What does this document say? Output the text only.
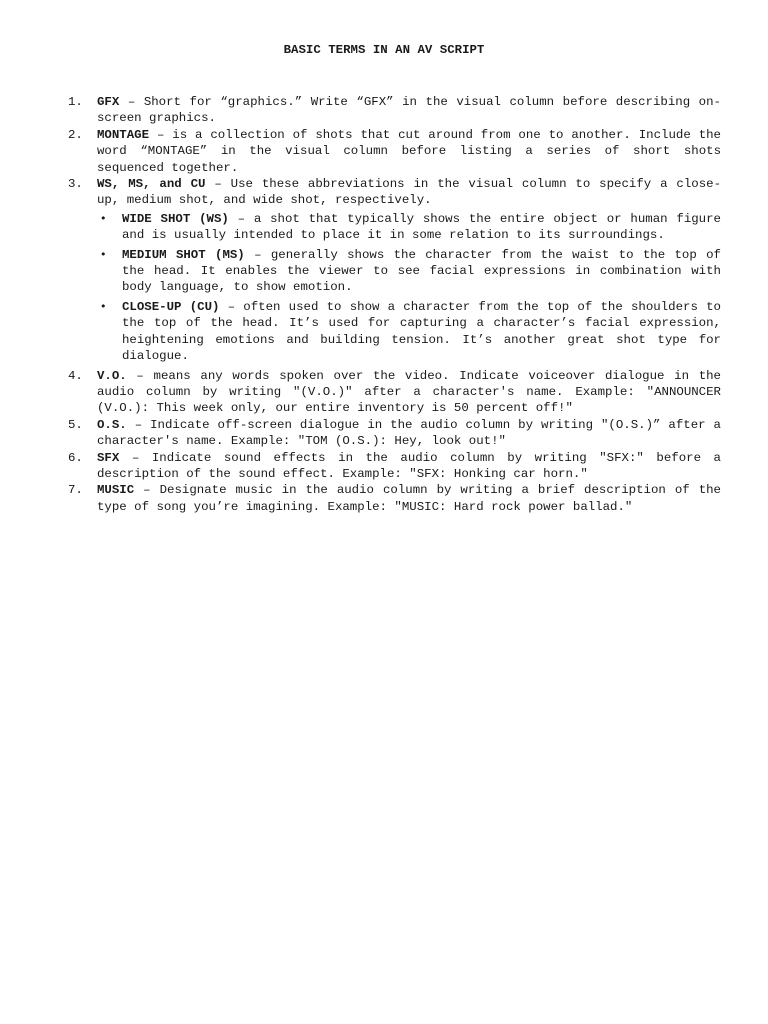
BASIC TERMS IN AN AV SCRIPT
1.	GFX – Short for “graphics.” Write “GFX” in the visual column before describing on-screen graphics.
2.	MONTAGE – is a collection of shots that cut around from one to another. Include the word “MONTAGE” in the visual column before listing a series of short shots sequenced together.
3.	WS, MS, and CU – Use these abbreviations in the visual column to specify a close-up, medium shot, and wide shot, respectively.
• WIDE SHOT (WS) – a shot that typically shows the entire object or human figure and is usually intended to place it in some relation to its surroundings.
• MEDIUM SHOT (MS) – generally shows the character from the waist to the top of the head. It enables the viewer to see facial expressions in combination with body language, to show emotion.
• CLOSE-UP (CU) – often used to show a character from the top of the shoulders to the top of the head. It’s used for capturing a character’s facial expression, heightening emotions and building tension. It’s another great shot type for dialogue.
4.	V.O. – means any words spoken over the video. Indicate voiceover dialogue in the audio column by writing "(V.O.)" after a character's name. Example: "ANNOUNCER (V.O.): This week only, our entire inventory is 50 percent off!"
5.	O.S. – Indicate off-screen dialogue in the audio column by writing "(O.S.)” after a character's name. Example: "TOM (O.S.): Hey, look out!"
6.	SFX – Indicate sound effects in the audio column by writing "SFX:" before a description of the sound effect. Example: "SFX: Honking car horn."
7.	MUSIC – Designate music in the audio column by writing a brief description of the type of song you’re imagining. Example: "MUSIC: Hard rock power ballad."
